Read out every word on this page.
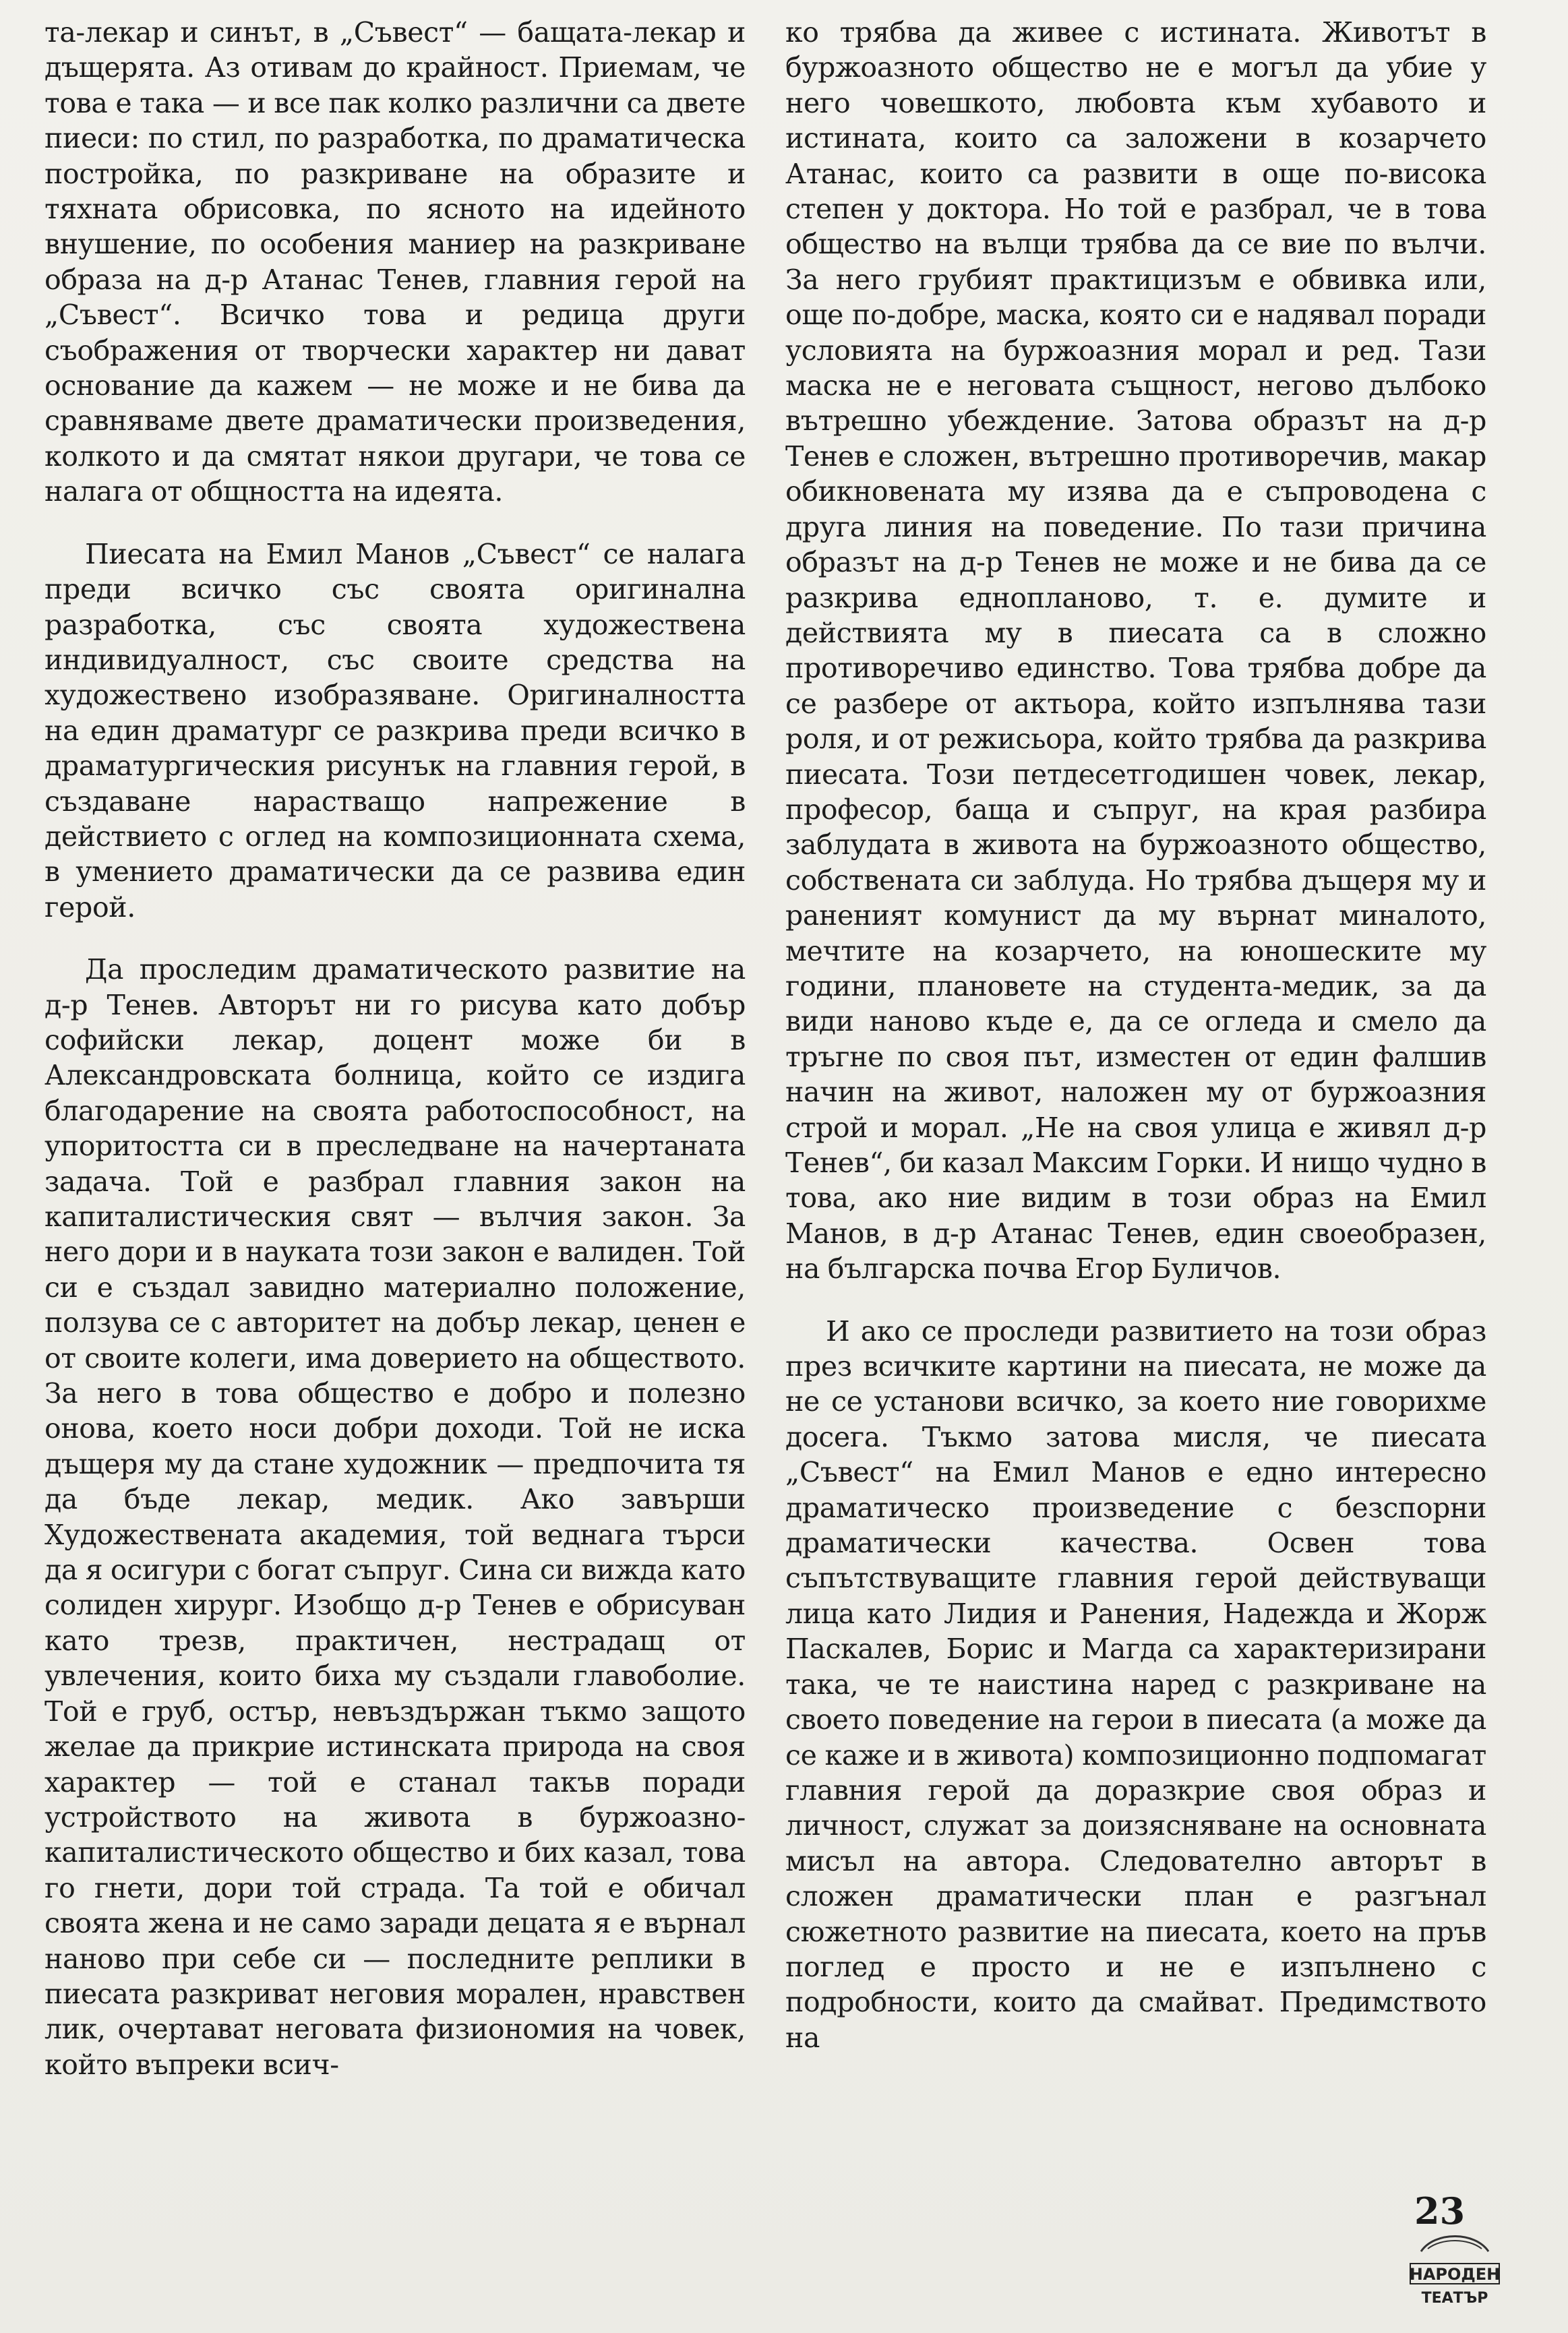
та-лекар и синът, в „Съвест“ — бащата-лекар и дъщерята. Аз отивам до крайност. Приемам, че това е така — и все пак колко различни са двете пиеси: по стил, по разработка, по драматическа постройка, по разкриване на образите и тяхната обрисовка, по ясното на идейното внушение, по особения маниер на разкриване образа на д-р Атанас Тенев, главния герой на „Съвест“. Всичко това и редица други съображения от творчески характер ни дават основание да кажем — не може и не бива да сравняваме двете драматически произведения, колкото и да смятат някои другари, че това се налага от общността на идеята.

Пиесата на Емил Манов „Съвест“ се налага преди всичко със своята оригинална разработка, със своята художествена индивидуалност, със своите средства на художествено изобразяване. Оригиналността на един драматург се разкрива преди всичко в драматургическия рисунък на главния герой, в създаване нарастващо напрежение в действието с оглед на композиционната схема, в умението драматически да се развива един герой.

Да проследим драматическото развитие на д-р Тенев. Авторът ни го рисува като добър софийски лекар, доцент може би в Александровската болница, който се издига благодарение на своята работоспособност, на упоритостта си в преследване на начертаната задача. Той е разбрал главния закон на капиталистическия свят — вълчия закон. За него дори и в науката този закон е валиден. Той си е създал завидно материално положение, ползува се с авторитет на добър лекар, ценен е от своите колеги, има доверието на обществото. За него в това общество е добро и полезно онова, което носи добри доходи. Той не иска дъщеря му да стане художник — предпочита тя да бъде лекар, медик. Ако завърши Художествената академия, той веднага търси да я осигури с богат съпруг. Сина си вижда като солиден хирург. Изобщо д-р Тенев е обрисуван като трезв, практичен, нестрадащ от увлечения, които биха му създали главоболие. Той е груб, остър, невъздържан тъкмо защото желае да прикрие истинската природа на своя характер — той е станал такъв поради устройството на живота в буржоазно-капиталистическото общество и бих казал, това го гнети, дори той страда. Та той е обичал своята жена и не само заради децата я е върнал наново при себе си — последните реплики в пиесата разкриват неговия морален, нравствен лик, очертават неговата физиономия на човек, който въпреки всич-

ко трябва да живее с истината. Животът в буржоазното общество не е могъл да убие у него човешкото, любовта към хубавото и истината, които са заложени в козарчето Атанас, които са развити в още по-висока степен у доктора. Но той е разбрал, че в това общество на вълци трябва да се вие по вълчи. За него грубият практицизъм е обвивка или, още по-добре, маска, която си е надявал поради условията на буржоазния морал и ред. Тази маска не е неговата същност, негово дълбоко вътрешно убеждение. Затова образът на д-р Тенев е сложен, вътрешно противоречив, макар обикновената му изява да е съпроводена с друга линия на поведение. По тази причина образът на д-р Тенев не може и не бива да се разкрива еднопланово, т. е. думите и действията му в пиесата са в сложно противоречиво единство. Това трябва добре да се разбере от актьора, който изпълнява тази роля, и от режисьора, който трябва да разкрива пиесата. Този петдесетгодишен човек, лекар, професор, баща и съпруг, на края разбира заблудата в живота на буржоазното общество, собствената си заблуда. Но трябва дъщеря му и раненият комунист да му върнат миналото, мечтите на козарчето, на юношеските му години, плановете на студента-медик, за да види наново къде е, да се огледа и смело да тръгне по своя път, изместен от един фалшив начин на живот, наложен му от буржоазния строй и морал. „Не на своя улица е живял д-р Тенев“, би казал Максим Горки. И нищо чудно в това, ако ние видим в този образ на Емил Манов, в д-р Атанас Тенев, един своеобразен, на българска почва Егор Буличов.

И ако се проследи развитието на този образ през всичките картини на пиесата, не може да не се установи всичко, за което ние говорихме досега. Тъкмо затова мисля, че пиесата „Съвест“ на Емил Манов е едно интересно драматическо произведение с безспорни драматически качества. Освен това съпътствуващите главния герой действуващи лица като Лидия и Ранения, Надежда и Жорж Паскалев, Борис и Магда са характеризирани така, че те наистина наред с разкриване на своето поведение на герои в пиесата (а може да се каже и в живота) композиционно подпомагат главния герой да доразкрие своя образ и личност, служат за доизясняване на основната мисъл на автора. Следователно авторът в сложен драматически план е разгънал сюжетното развитие на пиесата, което на пръв поглед е просто и не е изпълнено с подробности, които да смайват. Предимството на

23
НАРОДЕН
ТЕАТЪР
